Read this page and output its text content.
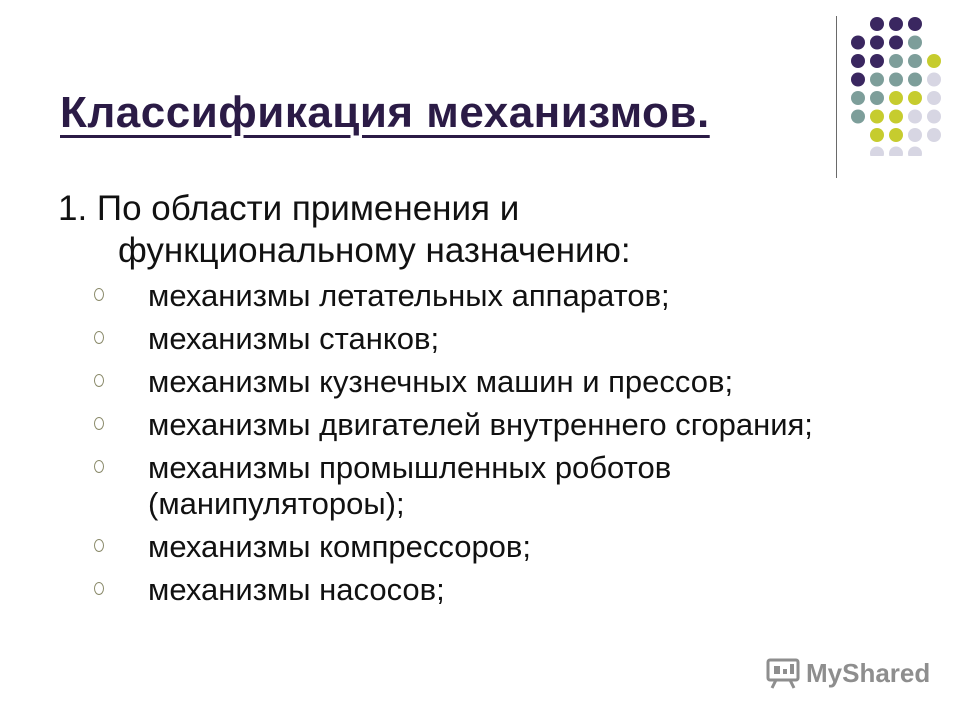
Классификация механизмов.

1. По области применения и
функциональному назначению:

механизмы летательных аппаратов;
механизмы станков;
механизмы кузнечных машин и прессов;
механизмы двигателей внутреннего сгорания;
механизмы промышленных роботов
(манипуляторoы);
механизмы компрессоров;
механизмы насосов;
MyShared
